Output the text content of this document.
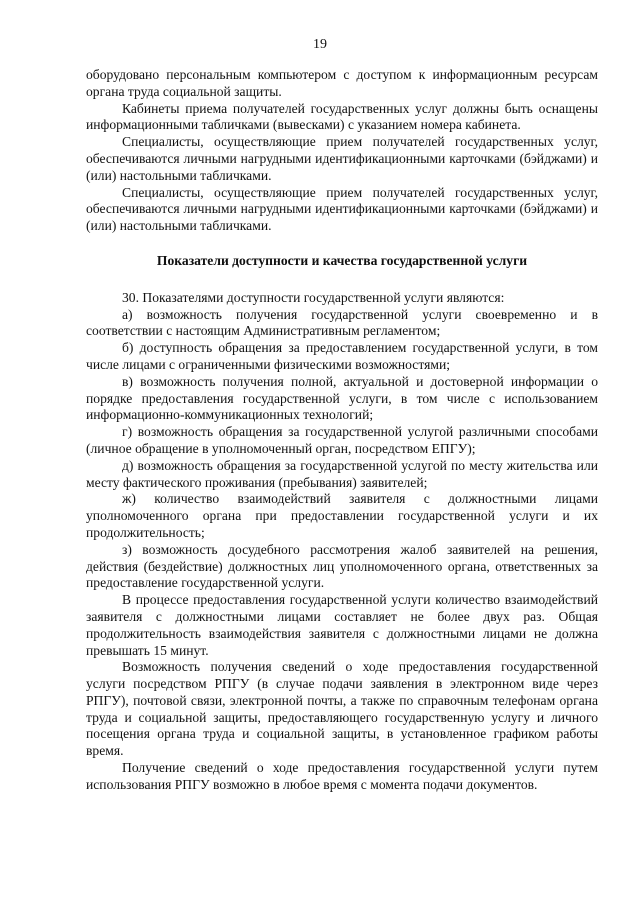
19

оборудовано персональным компьютером с доступом к информационным ресурсам органа труда социальной защиты.

Кабинеты приема получателей государственных услуг должны быть оснащены информационными табличками (вывесками) с указанием номера кабинета.

Специалисты, осуществляющие прием получателей государственных услуг, обеспечиваются личными нагрудными идентификационными карточками (бэйджами) и (или) настольными табличками.

Специалисты, осуществляющие прием получателей государственных услуг, обеспечиваются личными нагрудными идентификационными карточками (бэйджами) и (или) настольными табличками.

Показатели доступности и качества государственной услуги

30. Показателями доступности государственной услуги являются:

а) возможность получения государственной услуги своевременно и в соответствии с настоящим Административным регламентом;

б) доступность обращения за предоставлением государственной услуги, в том числе лицами с ограниченными физическими возможностями;

в) возможность получения полной, актуальной и достоверной информации о порядке предоставления государственной услуги, в том числе с использованием информационно-коммуникационных технологий;

г) возможность обращения за государственной услугой различными способами (личное обращение в уполномоченный орган, посредством ЕПГУ);

д) возможность обращения за государственной услугой по месту жительства или месту фактического проживания (пребывания) заявителей;

ж) количество взаимодействий заявителя с должностными лицами уполномоченного органа при предоставлении государственной услуги и их продолжительность;

з) возможность досудебного рассмотрения жалоб заявителей на решения, действия (бездействие) должностных лиц уполномоченного органа, ответственных за предоставление государственной услуги.

В процессе предоставления государственной услуги количество взаимодействий заявителя с должностными лицами составляет не более двух раз. Общая продолжительность взаимодействия заявителя с должностными лицами не должна превышать 15 минут.

Возможность получения сведений о ходе предоставления государственной услуги посредством РПГУ (в случае подачи заявления в электронном виде через РПГУ), почтовой связи, электронной почты, а также по справочным телефонам органа труда и социальной защиты, предоставляющего государственную услугу и личного посещения органа труда и социальной защиты, в установленное графиком работы время.

Получение сведений о ходе предоставления государственной услуги путем использования РПГУ возможно в любое время с момента подачи документов.
